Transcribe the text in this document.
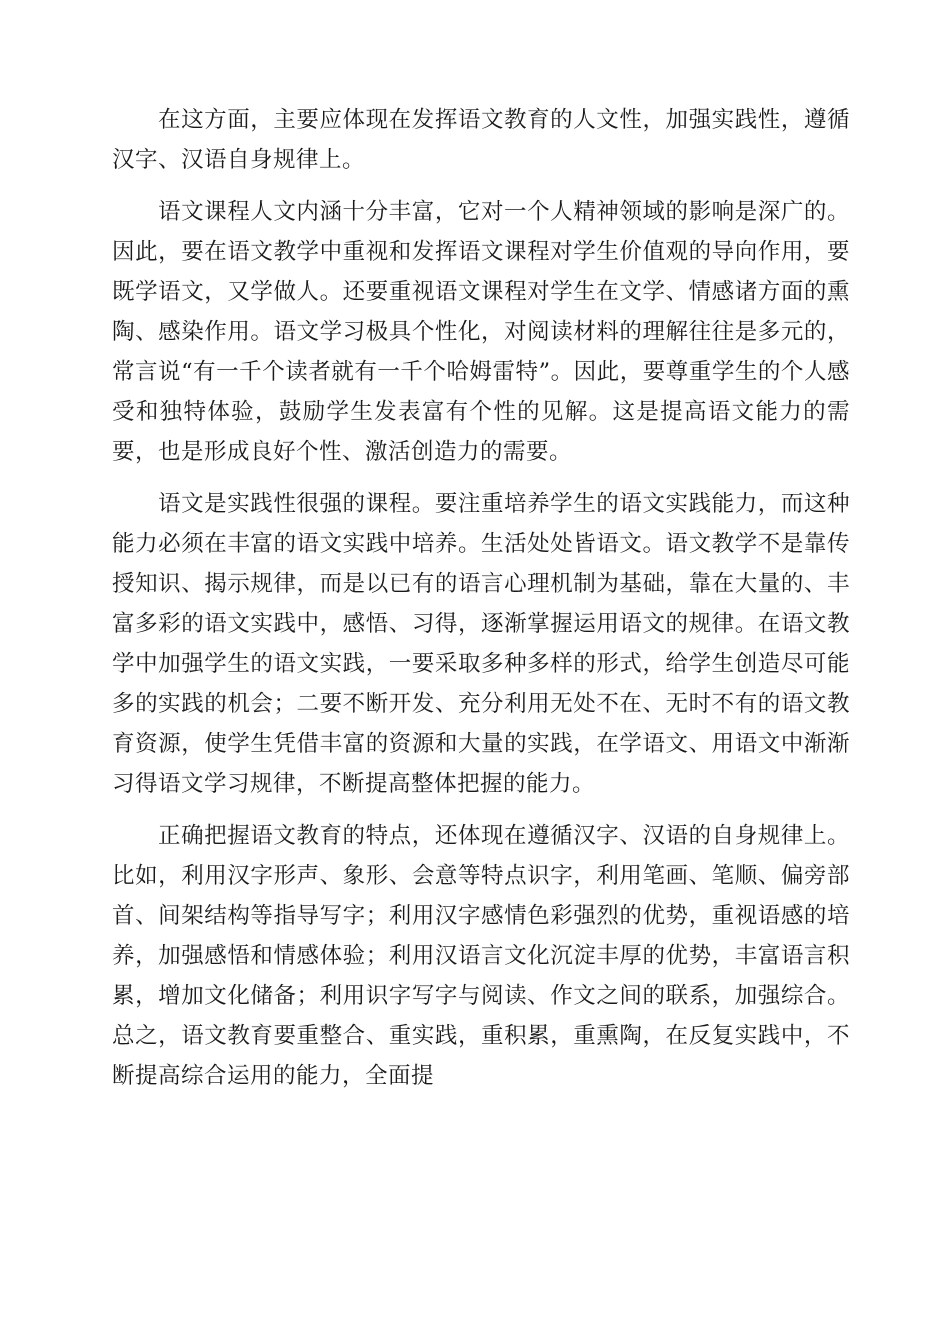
在这方面，主要应体现在发挥语文教育的人文性，加强实践性，遵循汉字、汉语自身规律上。

语文课程人文内涵十分丰富，它对一个人精神领域的影响是深广的。因此，要在语文教学中重视和发挥语文课程对学生价值观的导向作用，要既学语文，又学做人。还要重视语文课程对学生在文学、情感诸方面的熏陶、感染作用。语文学习极具个性化，对阅读材料的理解往往是多元的，常言说“有一千个读者就有一千个哈姆雷特”。因此，要尊重学生的个人感受和独特体验，鼓励学生发表富有个性的见解。这是提高语文能力的需要，也是形成良好个性、激活创造力的需要。

语文是实践性很强的课程。要注重培养学生的语文实践能力，而这种能力必须在丰富的语文实践中培养。生活处处皆语文。语文教学不是靠传授知识、揭示规律，而是以已有的语言心理机制为基础，靠在大量的、丰富多彩的语文实践中，感悟、习得，逐渐掌握运用语文的规律。在语文教学中加强学生的语文实践，一要采取多种多样的形式，给学生创造尽可能多的实践的机会；二要不断开发、充分利用无处不在、无时不有的语文教育资源，使学生凭借丰富的资源和大量的实践，在学语文、用语文中渐渐习得语文学习规律，不断提高整体把握的能力。

正确把握语文教育的特点，还体现在遵循汉字、汉语的自身规律上。比如，利用汉字形声、象形、会意等特点识字，利用笔画、笔顺、偏旁部首、间架结构等指导写字；利用汉字感情色彩强烈的优势，重视语感的培养，加强感悟和情感体验；利用汉语言文化沉淀丰厚的优势，丰富语言积累，增加文化储备；利用识字写字与阅读、作文之间的联系，加强综合。总之，语文教育要重整合、重实践，重积累，重熏陶，在反复实践中，不断提高综合运用的能力，全面提
